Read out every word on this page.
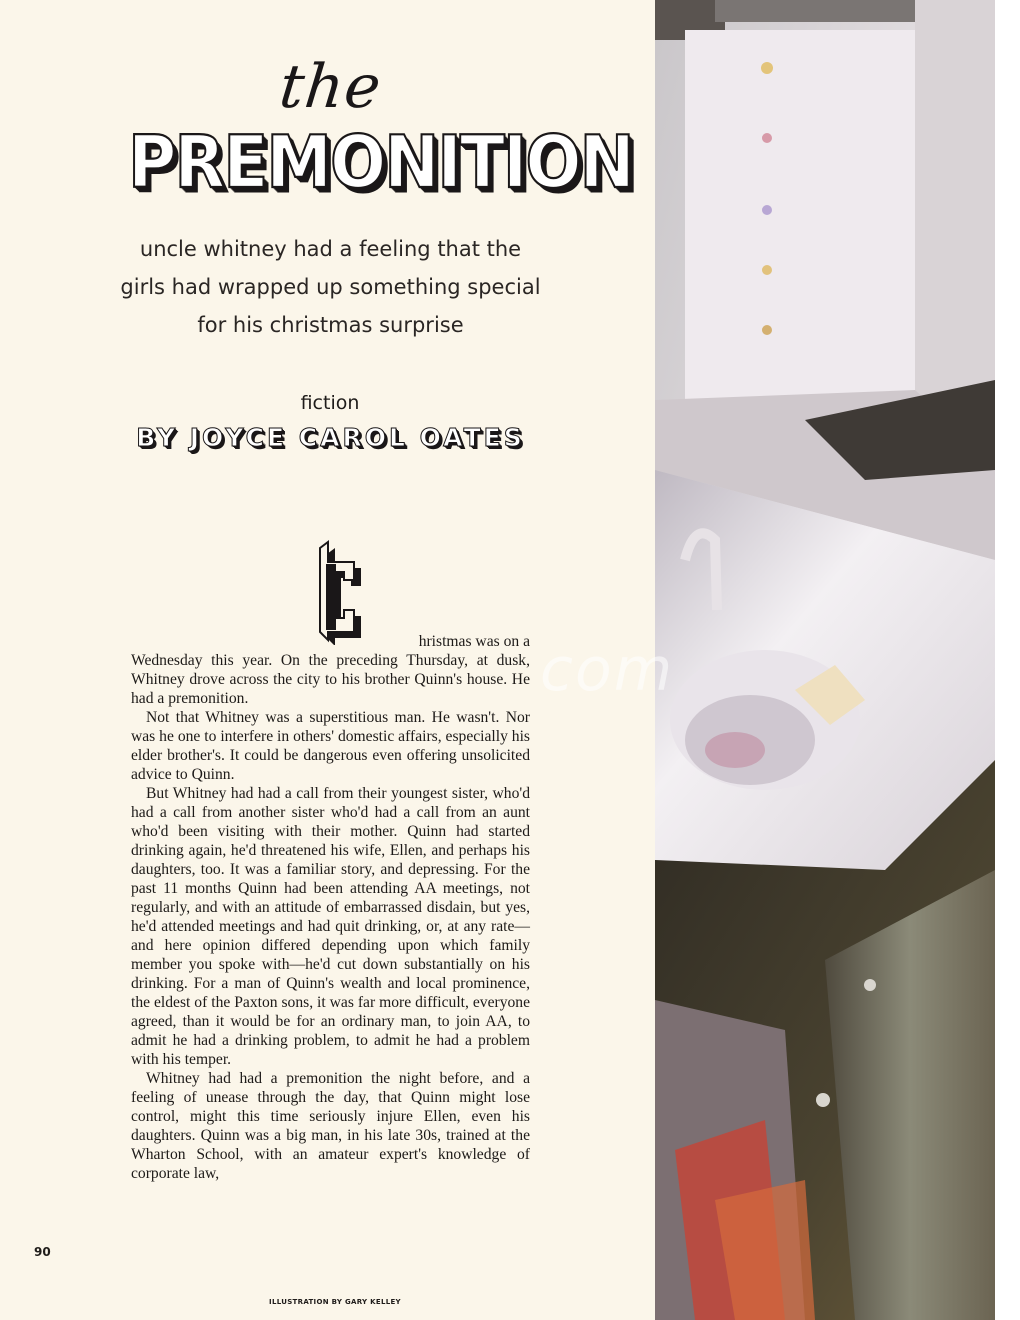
the
PREMONITION
uncle whitney had a feeling that the
girls had wrapped up something special
for his christmas surprise
fiction
BY JOYCE CAROL OATES
hristmas was on a

Wednesday this year. On the preceding Thursday, at dusk, Whitney drove across the city to his brother Quinn's house. He had a premonition.

Not that Whitney was a superstitious man. He wasn't. Nor was he one to interfere in others' domestic affairs, especially his elder brother's. It could be dangerous even offering unsolicited advice to Quinn.

But Whitney had had a call from their youngest sister, who'd had a call from another sister who'd had a call from an aunt who'd been visiting with their mother. Quinn had started drinking again, he'd threatened his wife, Ellen, and perhaps his daughters, too. It was a familiar story, and depressing. For the past 11 months Quinn had been attending AA meetings, not regularly, and with an attitude of embarrassed disdain, but yes, he'd attended meetings and had quit drinking, or, at any rate—and here opinion differed depending upon which family member you spoke with—he'd cut down substantially on his drinking. For a man of Quinn's wealth and local prominence, the eldest of the Paxton sons, it was far more difficult, everyone agreed, than it would be for an ordinary man, to join AA, to admit he had a drinking problem, to admit he had a problem with his temper.

Whitney had had a premonition the night before, and a feeling of unease through the day, that Quinn might lose control, might this time seriously injure Ellen, even his daughters. Quinn was a big man, in his late 30s, trained at the Wharton School, with an amateur expert's knowledge of corporate law,

90
ILLUSTRATION BY GARY KELLEY
com
